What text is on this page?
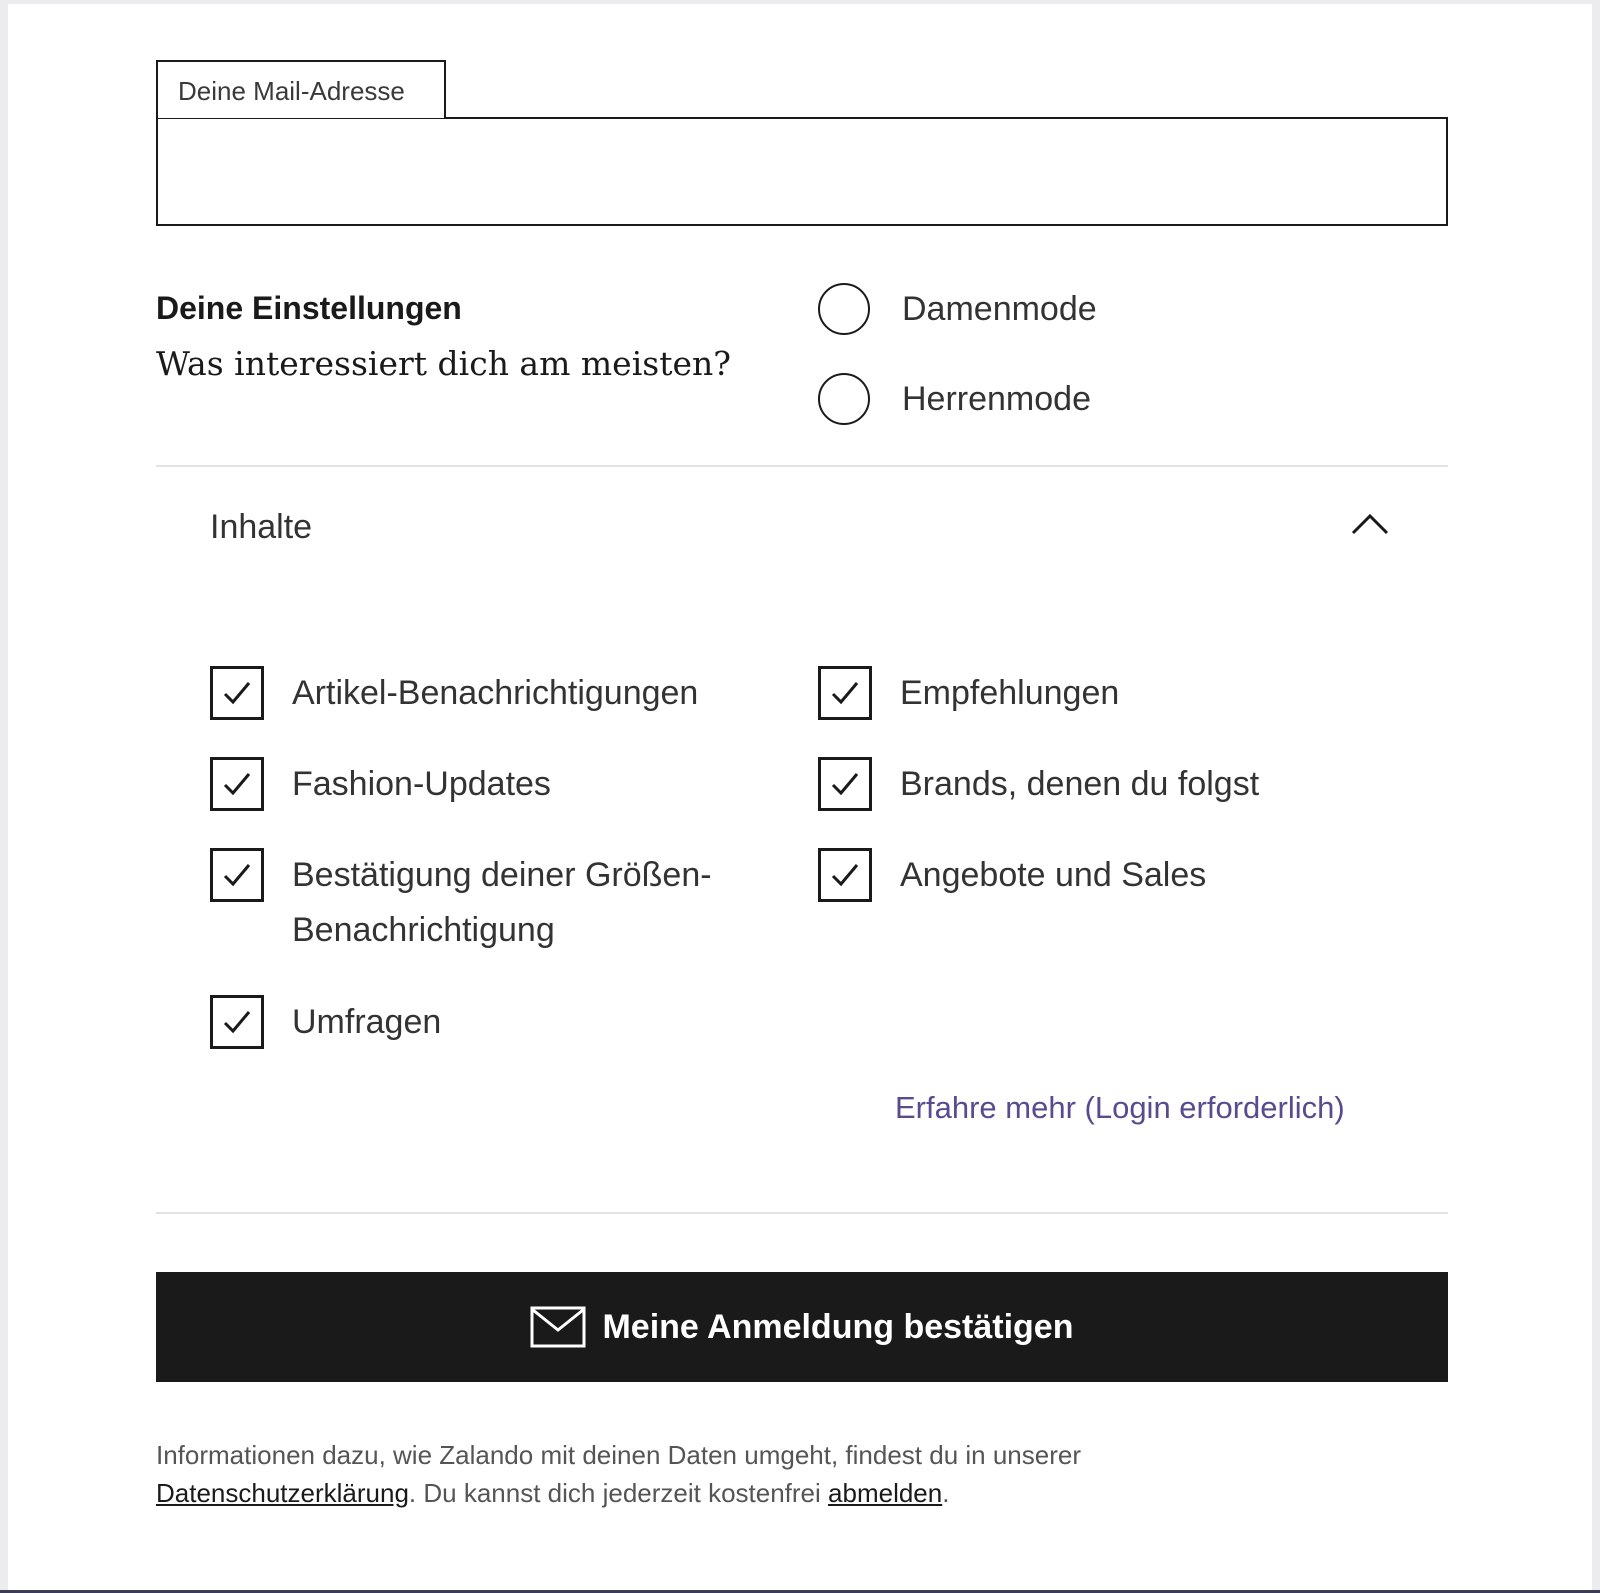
Deine Mail-Adresse
Deine Einstellungen
Was interessiert dich am meisten?
Damenmode
Herrenmode
Inhalte
Artikel-Benachrichtigungen	Empfehlungen
Fashion-Updates	Brands, denen du folgst
Bestätigung deiner Größen-Benachrichtigung
Angebote und Sales
Umfragen
Erfahre mehr (Login erforderlich)
Meine Anmeldung bestätigen
Informationen dazu, wie Zalando mit deinen Daten umgeht, findest du in unserer
Datenschutzerklärung. Du kannst dich jederzeit kostenfrei abmelden.
